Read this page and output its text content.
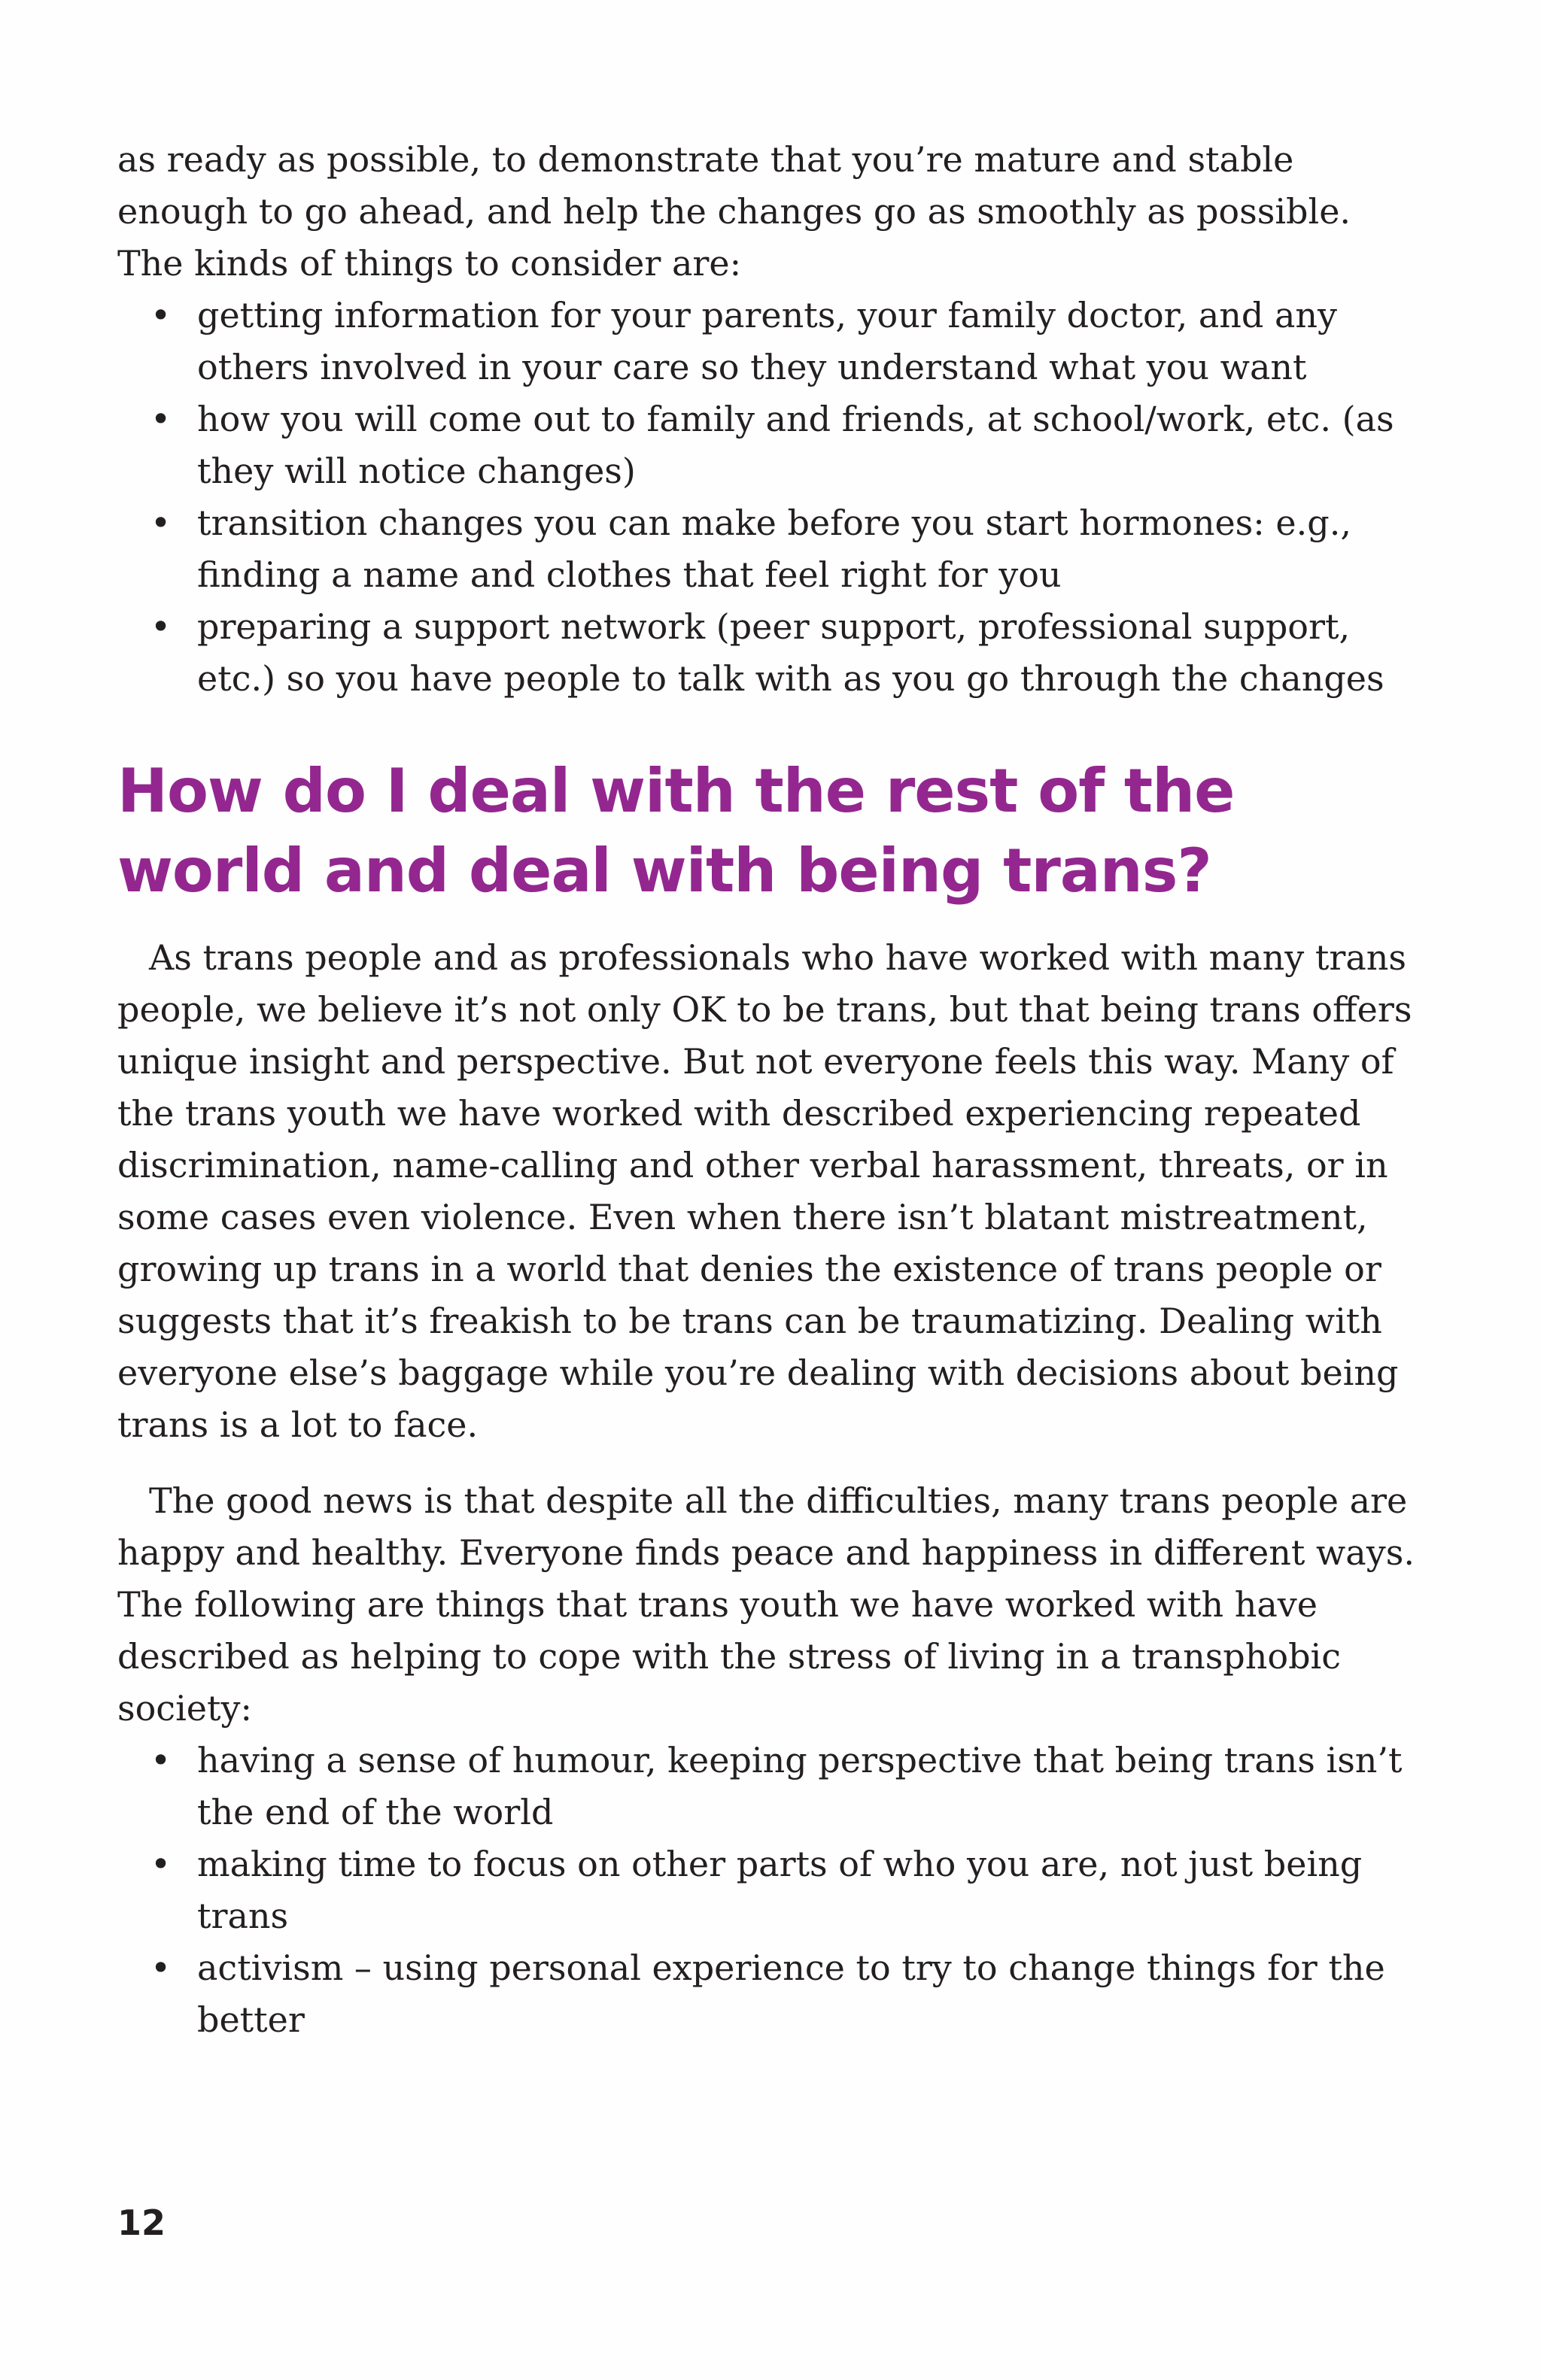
as ready as possible, to demonstrate that you’re mature and stable enough to go ahead, and help the changes go as smoothly as possible. The kinds of things to consider are:

• getting information for your parents, your family doctor, and any others involved in your care so they understand what you want
• how you will come out to family and friends, at school/work, etc. (as they will notice changes)
• transition changes you can make before you start hormones: e.g., finding a name and clothes that feel right for you
• preparing a support network (peer support, professional support, etc.) so you have people to talk with as you go through the changes
How do I deal with the rest of the world and deal with being trans?

As trans people and as professionals who have worked with many trans people, we believe it’s not only OK to be trans, but that being trans offers unique insight and perspective. But not everyone feels this way. Many of the trans youth we have worked with described experiencing repeated discrimination, name-calling and other verbal harassment, threats, or in some cases even violence. Even when there isn’t blatant mistreatment, growing up trans in a world that denies the existence of trans people or suggests that it’s freakish to be trans can be traumatizing. Dealing with everyone else’s baggage while you’re dealing with decisions about being trans is a lot to face.

The good news is that despite all the difficulties, many trans people are happy and healthy. Everyone finds peace and happiness in different ways. The following are things that trans youth we have worked with have described as helping to cope with the stress of living in a transphobic society:

• having a sense of humour, keeping perspective that being trans isn’t the end of the world
• making time to focus on other parts of who you are, not just being trans
• activism – using personal experience to try to change things for the better
12
